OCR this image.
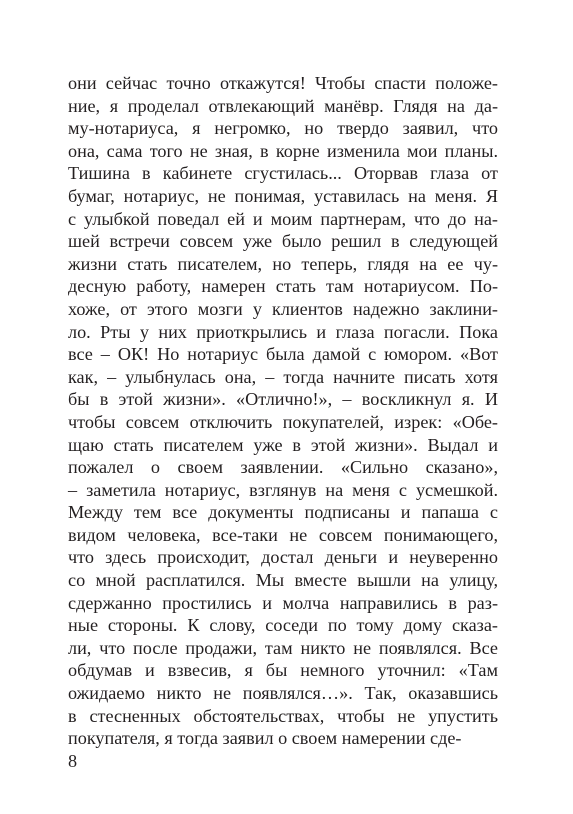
они сейчас точно откажутся! Чтобы спасти положе-
ние, я проделал отвлекающий манёвр. Глядя на да-
му-нотариуса, я негромко, но твердо заявил, что
она, сама того не зная, в корне изменила мои планы.
Тишина в кабинете сгустилась... Оторвав глаза от
бумаг, нотариус, не понимая, уставилась на меня. Я
с улыбкой поведал ей и моим партнерам, что до на-
шей встречи совсем уже было решил в следующей
жизни стать писателем, но теперь, глядя на ее чу-
десную работу, намерен стать там нотариусом. По-
хоже, от этого мозги у клиентов надежно заклини-
ло. Рты у них приоткрылись и глаза погасли. Пока
все – ОК! Но нотариус была дамой с юмором. «Вот
как, – улыбнулась она, – тогда начните писать хотя
бы в этой жизни». «Отлично!», – воскликнул я. И
чтобы совсем отключить покупателей, изрек: «Обе-
щаю стать писателем уже в этой жизни». Выдал и
пожалел о своем заявлении. «Сильно сказано»,
– заметила нотариус, взглянув на меня с усмешкой.
Между тем все документы подписаны и папаша с
видом человека, все-таки не совсем понимающего,
что здесь происходит, достал деньги и неуверенно
со мной расплатился. Мы вместе вышли на улицу,
сдержанно простились и молча направились в раз-
ные стороны. К слову, соседи по тому дому сказа-
ли, что после продажи, там никто не появлялся. Все
обдумав и взвесив, я бы немного уточнил: «Там
ожидаемо никто не появлялся…». Так, оказавшись
в стесненных обстоятельствах, чтобы не упустить
покупателя, я тогда заявил о своем намерении сде-
8
